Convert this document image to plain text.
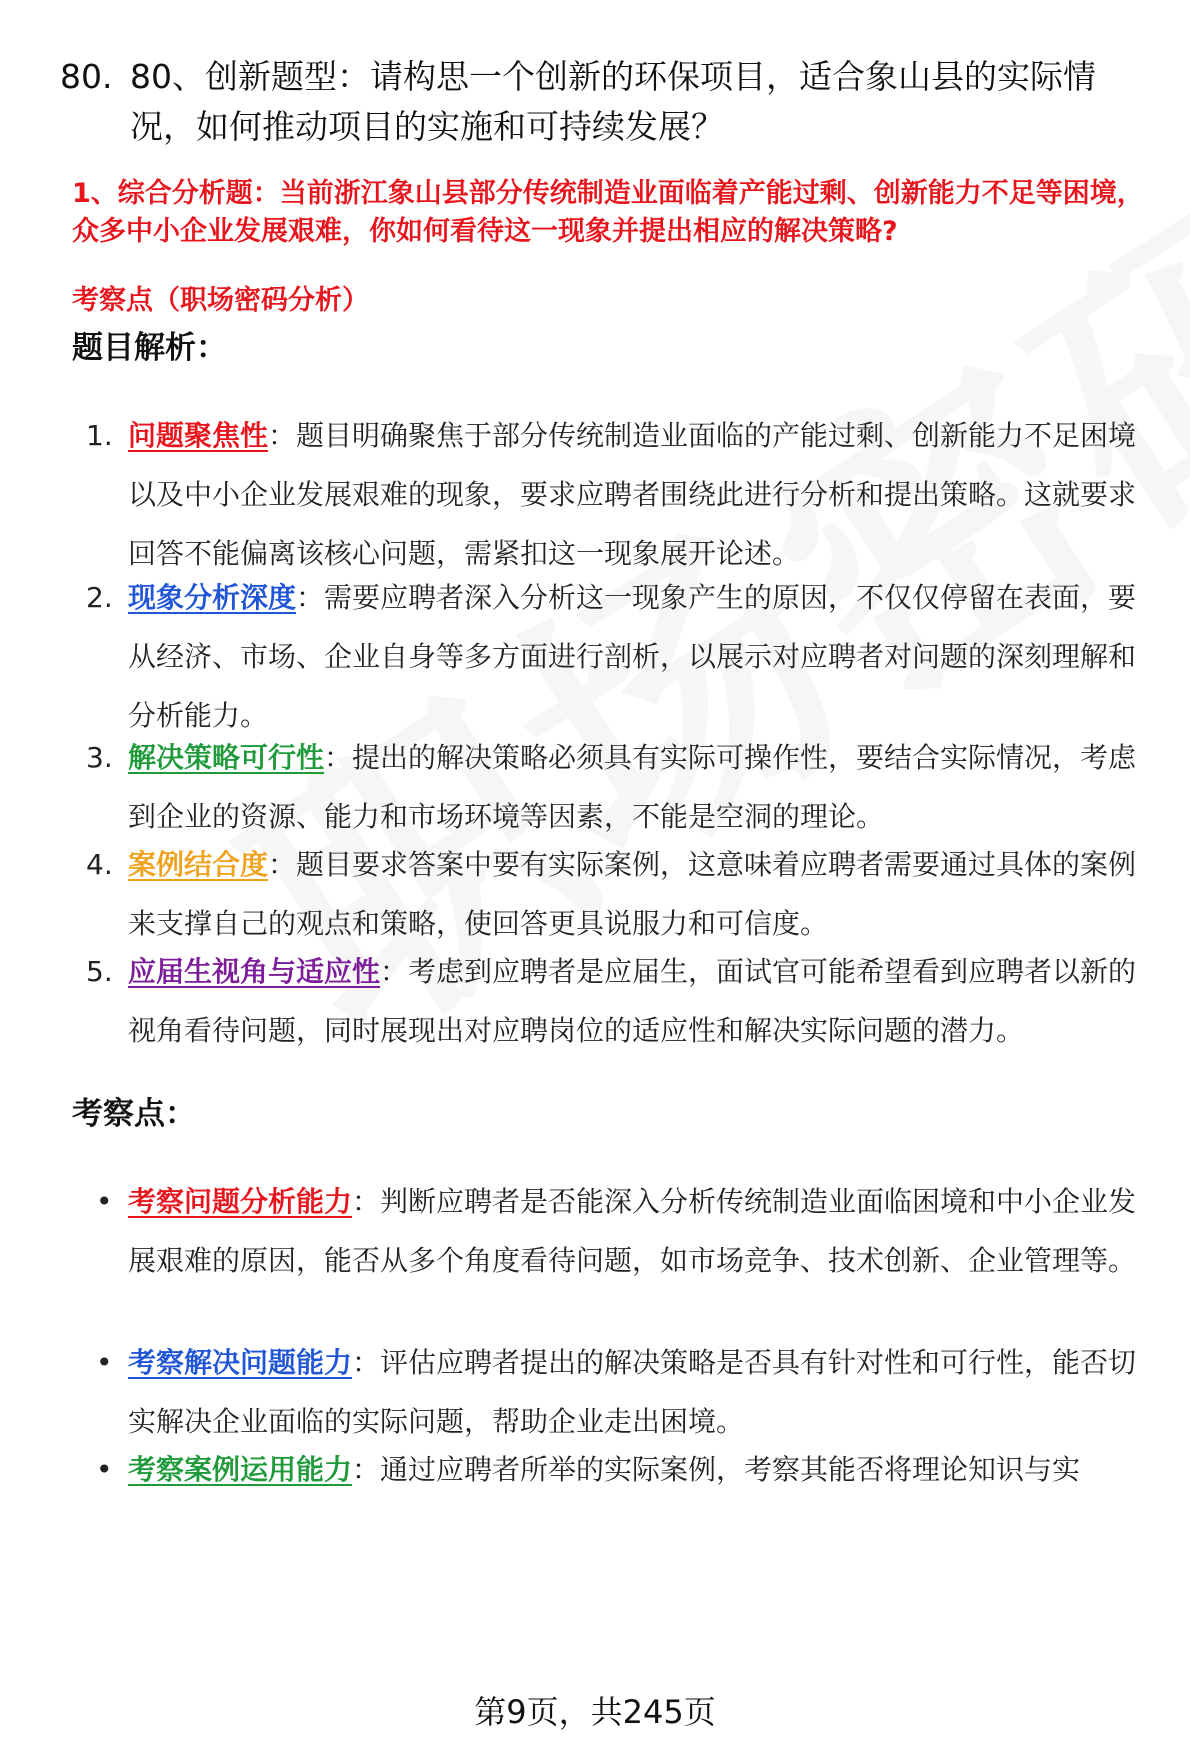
80. 80、创新题型：请构思一个创新的环保项目，适合象山县的实际情况，如何推动项目的实施和可持续发展？
1、综合分析题：当前浙江象山县部分传统制造业面临着产能过剩、创新能力不足等困境，众多中小企业发展艰难，你如何看待这一现象并提出相应的解决策略?
考察点（职场密码分析）
题目解析：
1. 问题聚焦性：题目明确聚焦于部分传统制造业面临的产能过剩、创新能力不足困境以及中小企业发展艰难的现象，要求应聘者围绕此进行分析和提出策略。这就要求回答不能偏离该核心问题，需紧扣这一现象展开论述。
2. 现象分析深度：需要应聘者深入分析这一现象产生的原因，不仅仅停留在表面，要从经济、市场、企业自身等多方面进行剖析，以展示对应聘者对问题的深刻理解和分析能力。
3. 解决策略可行性：提出的解决策略必须具有实际可操作性，要结合实际情况，考虑到企业的资源、能力和市场环境等因素，不能是空洞的理论。
4. 案例结合度：题目要求答案中要有实际案例，这意味着应聘者需要通过具体的案例来支撑自己的观点和策略，使回答更具说服力和可信度。
5. 应届生视角与适应性：考虑到应聘者是应届生，面试官可能希望看到应聘者以新的视角看待问题，同时展现出对应聘岗位的适应性和解决实际问题的潜力。
考察点：
• 考察问题分析能力：判断应聘者是否能深入分析传统制造业面临困境和中小企业发展艰难的原因，能否从多个角度看待问题，如市场竞争、技术创新、企业管理等。
• 考察解决问题能力：评估应聘者提出的解决策略是否具有针对性和可行性，能否切实解决企业面临的实际问题，帮助企业走出困境。
• 考察案例运用能力：通过应聘者所举的实际案例，考察其能否将理论知识与实
第9页，共245页
